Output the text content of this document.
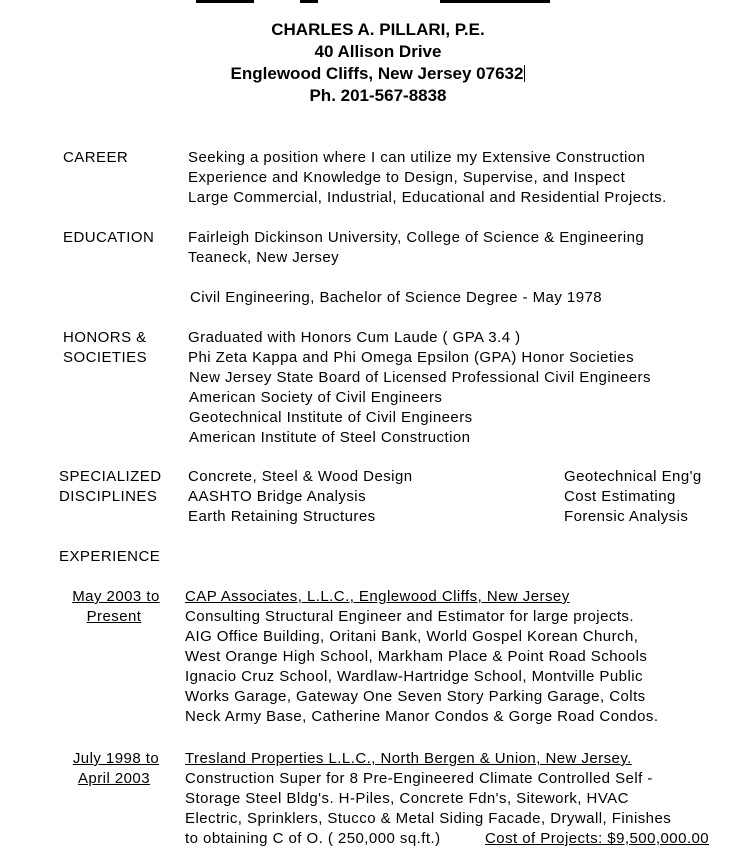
CHARLES A. PILLARI, P.E.
40 Allison Drive
Englewood Cliffs, New Jersey 07632
Ph. 201-567-8838
CAREER	Seeking a position where I can utilize my Extensive Construction
Experience and Knowledge to Design, Supervise, and Inspect
Large Commercial, Industrial, Educational and Residential Projects.
EDUCATION Fairleigh Dickinson University, College of Science & Engineering
Teaneck, New Jersey
Civil Engineering, Bachelor of Science Degree - May 1978
HONORS &
SOCIETIES
Graduated with Honors Cum Laude ( GPA 3.4 )
Phi Zeta Kappa and Phi Omega Epsilon (GPA) Honor Societies
New Jersey State Board of Licensed Professional Civil Engineers
American Society of Civil Engineers
Geotechnical Institute of Civil Engineers
American Institute of Steel Construction
SPECIALIZED
DISCIPLINES
Concrete, Steel & Wood Design
AASHTO Bridge Analysis
Earth Retaining Structures
Geotechnical Eng'g
Cost Estimating
Forensic Analysis
EXPERIENCE
May 2003 to
Present
CAP Associates, L.L.C., Englewood Cliffs, New Jersey
Consulting Structural Engineer and Estimator for large projects.
AIG Office Building, Oritani Bank, World Gospel Korean Church,
West Orange High School, Markham Place & Point Road Schools
Ignacio Cruz School, Wardlaw-Hartridge School, Montville Public
Works Garage, Gateway One Seven Story Parking Garage, Colts
Neck Army Base, Catherine Manor Condos & Gorge Road Condos.
July 1998 to
April 2003
Tresland Properties L.L.C., North Bergen & Union, New Jersey.
Construction Super for 8 Pre-Engineered Climate Controlled Self -
Storage Steel Bldg's. H-Piles, Concrete Fdn's, Sitework, HVAC
Electric, Sprinklers, Stucco & Metal Siding Facade, Drywall, Finishes
to obtaining C of O. ( 250,000 sq.ft.)	Cost of Projects: $9,500,000.00
